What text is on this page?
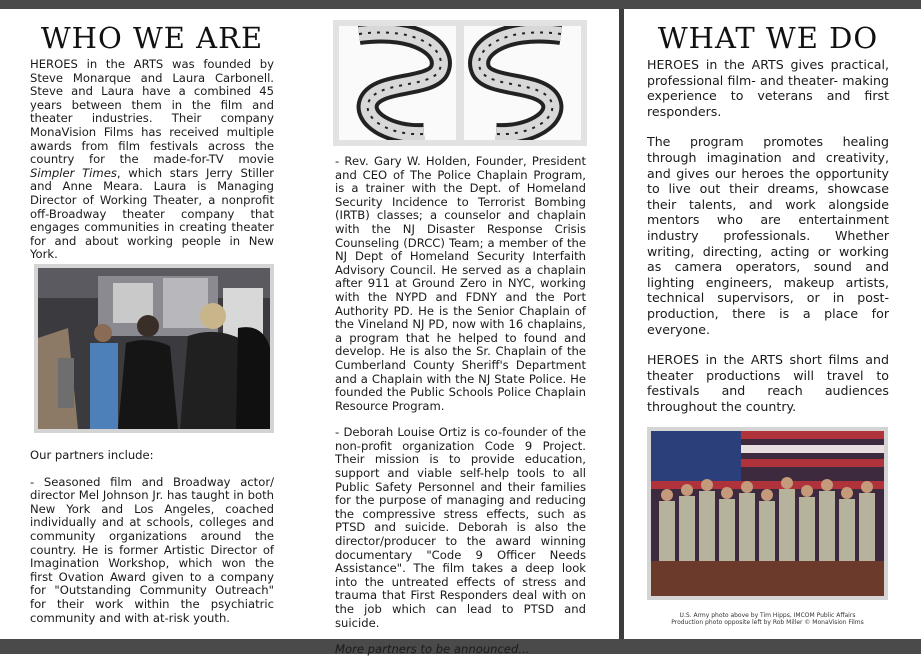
WHO WE ARE

HEROES in the ARTS was founded by Steve Monarque and Laura Carbonell. Steve and Laura have a combined 45 years between them in the film and theater industries. Their company MonaVision Films has received multiple awards from film festivals across the country for the made-for-TV movie Simpler Times, which stars Jerry Stiller and Anne Meara. Laura is Managing Director of Working Theater, a nonprofit off-Broadway theater company that engages communities in creating theater for and about working people in New York.

Our partners include:

- Seasoned film and Broadway actor/ director Mel Johnson Jr. has taught in both New York and Los Angeles, coached individually and at schools, colleges and community organizations around the country. He is former Artistic Director of Imagination Workshop, which won the first Ovation Award given to a company for "Outstanding Community Outreach" for their work within the psychiatric community and with at-risk youth.

- Rev. Gary W. Holden, Founder, President and CEO of The Police Chaplain Program, is a trainer with the Dept. of Homeland Security Incidence to Terrorist Bombing (IRTB) classes; a counselor and chaplain with the NJ Disaster Response Crisis Counseling (DRCC) Team; a member of the NJ Dept of Homeland Security Interfaith Advisory Council. He served as a chaplain after 911 at Ground Zero in NYC, working with the NYPD and FDNY and the Port Authority PD. He is the Senior Chaplain of the Vineland NJ PD, now with 16 chaplains, a program that he helped to found and develop. He is also the Sr. Chaplain of the Cumberland County Sheriff's Department and a Chaplain with the NJ State Police. He founded the Public Schools Police Chaplain Resource Program.

- Deborah Louise Ortiz is co-founder of the non-profit organization Code 9 Project. Their mission is to provide education, support and viable self-help tools to all Public Safety Personnel and their families for the purpose of managing and reducing the compressive stress effects, such as PTSD and suicide. Deborah is also the director/producer to the award winning documentary "Code 9 Officer Needs Assistance". The film takes a deep look into the untreated effects of stress and trauma that First Responders deal with on the job which can lead to PTSD and suicide.

More partners to be announced...

WHAT WE DO

HEROES in the ARTS gives practical, professional film- and theater- making experience to veterans and first responders.

The program promotes healing through imagination and creativity, and gives our heroes the opportunity to live out their dreams, showcase their talents, and work alongside mentors who are entertainment industry professionals. Whether writing, directing, acting or working as camera operators, sound and lighting engineers, makeup artists, technical supervisors, or in post-production, there is a place for everyone.

HEROES in the ARTS short films and theater productions will travel to festivals and reach audiences throughout the country.

U.S. Army photo above by Tim Hipps, IMCOM Public Affairs
Production photo opposite left by Rob Miller © MonaVision Films
